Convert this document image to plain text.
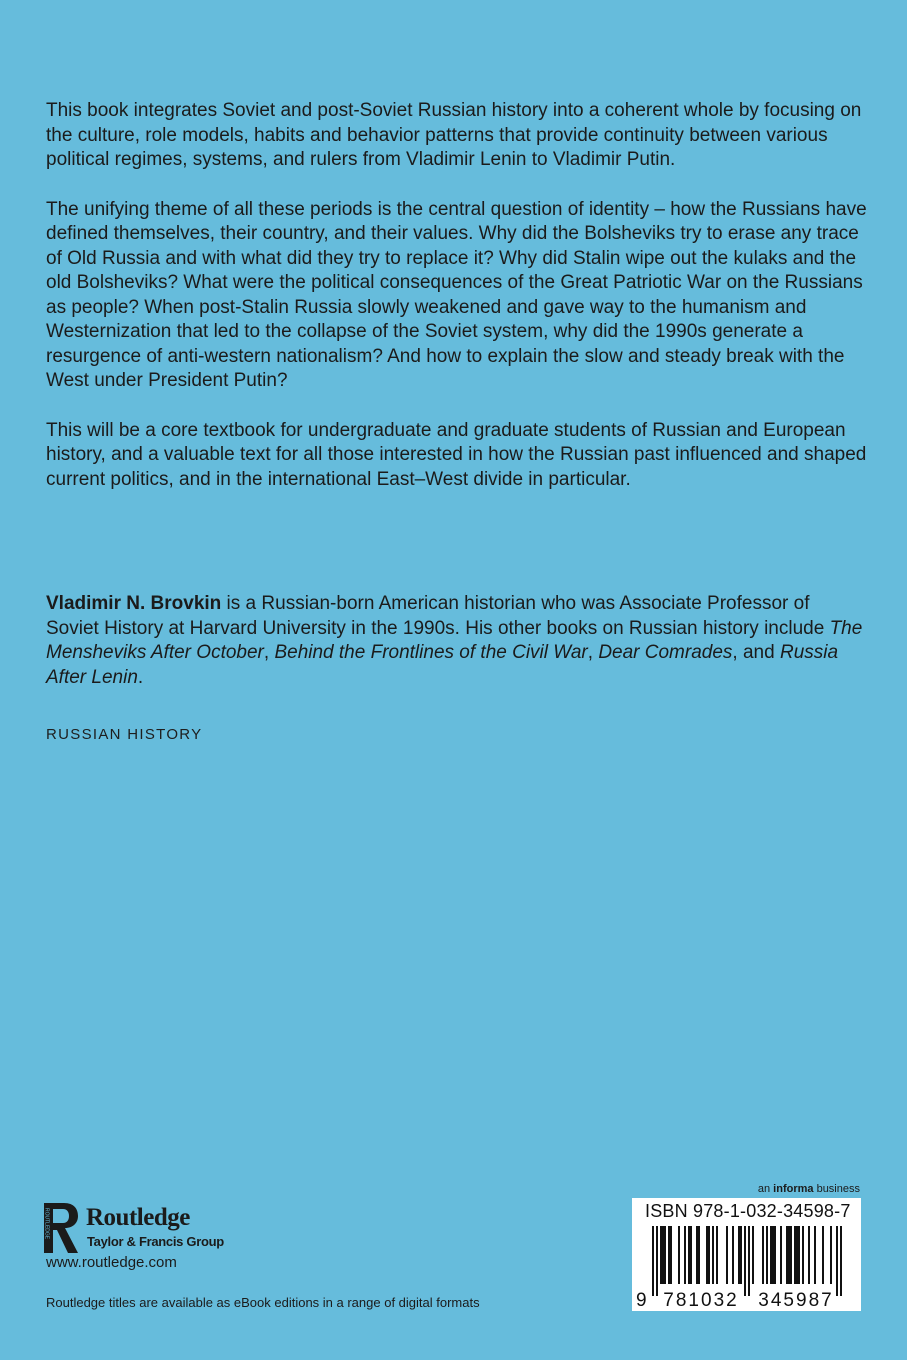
This book integrates Soviet and post-Soviet Russian history into a coherent whole by focusing on the culture, role models, habits and behavior patterns that provide continuity between various political regimes, systems, and rulers from Vladimir Lenin to Vladimir Putin.

The unifying theme of all these periods is the central question of identity – how the Russians have defined themselves, their country, and their values. Why did the Bolsheviks try to erase any trace of Old Russia and with what did they try to replace it? Why did Stalin wipe out the kulaks and the old Bolsheviks? What were the political consequences of the Great Patriotic War on the Russians as people? When post-Stalin Russia slowly weakened and gave way to the humanism and Westernization that led to the collapse of the Soviet system, why did the 1990s generate a resurgence of anti-western nationalism? And how to explain the slow and steady break with the West under President Putin?

This will be a core textbook for undergraduate and graduate students of Russian and European history, and a valuable text for all those interested in how the Russian past influenced and shaped current politics, and in the international East–West divide in particular.

Vladimir N. Brovkin is a Russian-born American historian who was Associate Professor of Soviet History at Harvard University in the 1990s. His other books on Russian history include The Mensheviks After October, Behind the Frontlines of the Civil War, Dear Comrades, and Russia After Lenin.

RUSSIAN HISTORY
ROUTLEDGE Routledge
Taylor & Francis Group
www.routledge.com
Routledge titles are available as eBook editions in a range of digital formats
an informa business
ISBN 978-1-032-34598-7
9 781032 345987
